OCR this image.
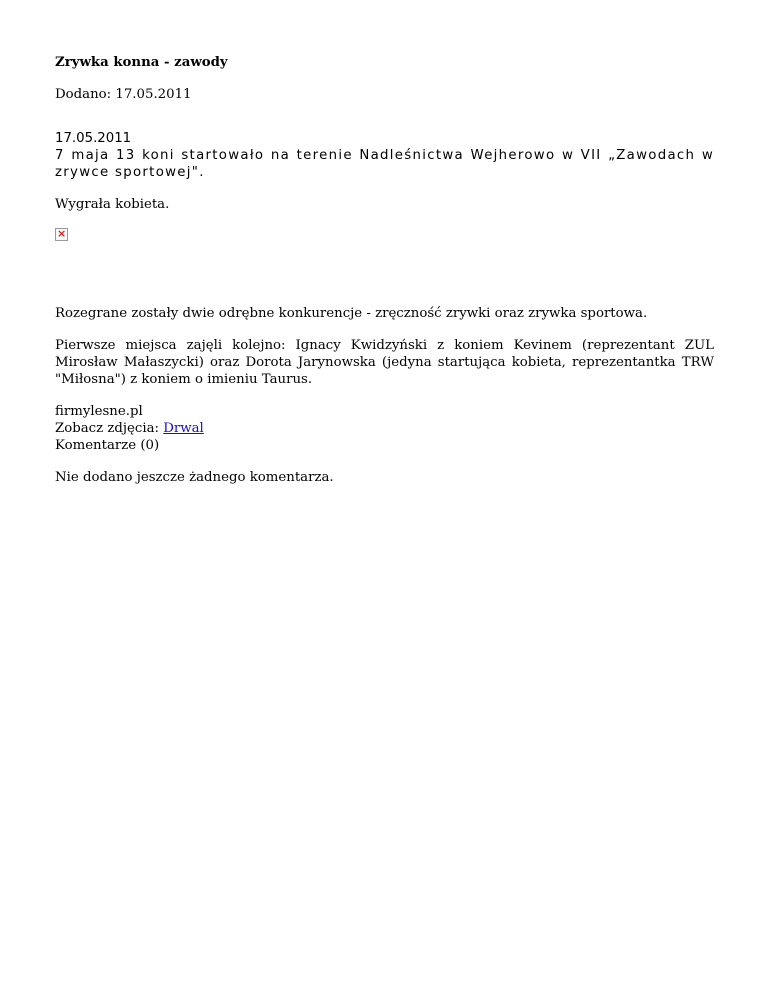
Zrywka konna - zawody
Dodano: 17.05.2011
17.05.2011

7 maja 13 koni startowało na terenie Nadleśnictwa Wejherowo w VII „Zawodach w zrywce sportowej".

Wygrała kobieta.

×

Rozegrane zostały dwie odrębne konkurencje - zręczność zrywki oraz zrywka sportowa.

Pierwsze miejsca zajęli kolejno: Ignacy Kwidzyński z koniem Kevinem (reprezentant ZUL Mirosław Małaszycki) oraz Dorota Jarynowska (jedyna startująca kobieta, reprezentantka TRW "Miłosna") z koniem o imieniu Taurus.

firmylesne.pl
Zobacz zdjęcia: Drwal
Komentarze (0)
Nie dodano jeszcze żadnego komentarza.
